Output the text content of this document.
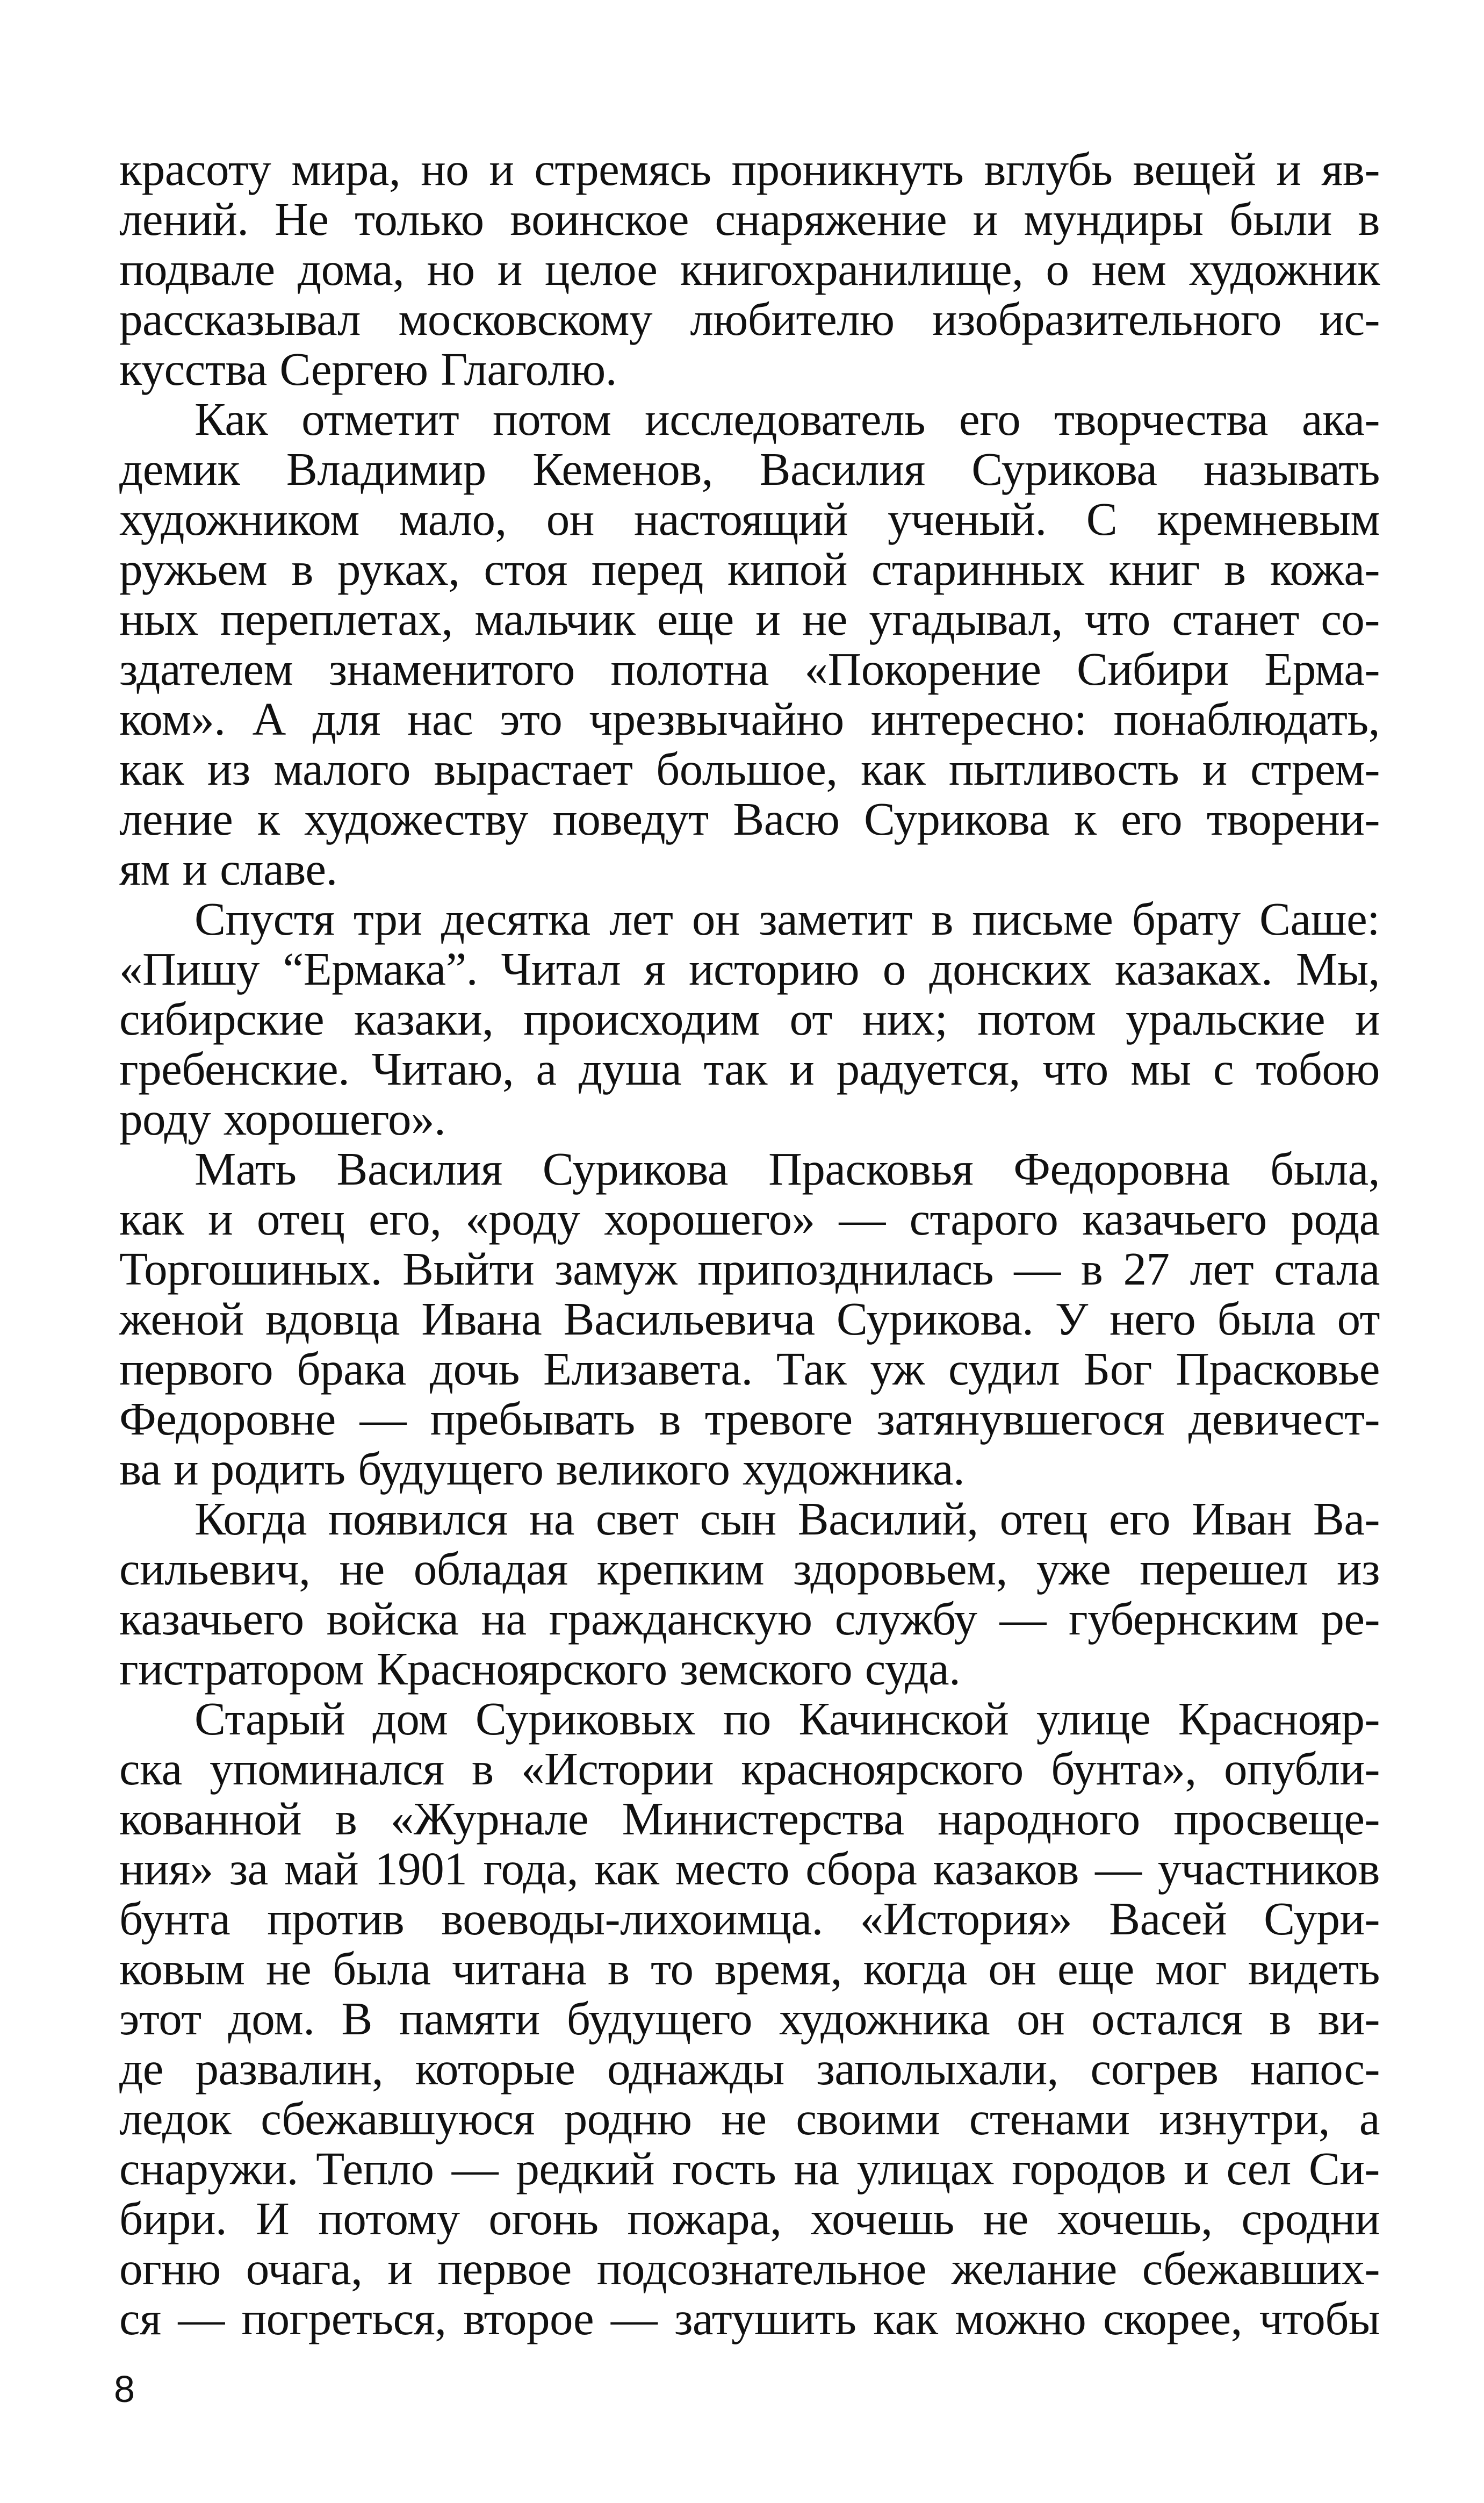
красоту мира, но и стремясь проникнуть вглубь вещей и яв-
лений. Не только воинское снаряжение и мундиры были в
подвале дома, но и целое книгохранилище, о нем художник
рассказывал московскому любителю изобразительного ис-
кусства Сергею Глаголю.
Как отметит потом исследователь его творчества ака-
демик Владимир Кеменов, Василия Сурикова называть
художником мало, он настоящий ученый. С кремневым
ружьем в руках, стоя перед кипой старинных книг в кожа-
ных переплетах, мальчик еще и не угадывал, что станет со-
здателем знаменитого полотна «Покорение Сибири Ерма-
ком». А для нас это чрезвычайно интересно: понаблюдать,
как из малого вырастает большое, как пытливость и стрем-
ление к художеству поведут Васю Сурикова к его творени-
ям и славе.
Спустя три десятка лет он заметит в письме брату Саше:
«Пишу “Ермака”. Читал я историю о донских казаках. Мы,
сибирские казаки, происходим от них; потом уральские и
гребенские. Читаю, а душа так и радуется, что мы с тобою
роду хорошего».
Мать Василия Сурикова Прасковья Федоровна была,
как и отец его, «роду хорошего» — старого казачьего рода
Торгошиных. Выйти замуж припозднилась — в 27 лет стала
женой вдовца Ивана Васильевича Сурикова. У него была от
первого брака дочь Елизавета. Так уж судил Бог Прасковье
Федоровне — пребывать в тревоге затянувшегося девичест-
ва и родить будущего великого художника.
Когда появился на свет сын Василий, отец его Иван Ва-
сильевич, не обладая крепким здоровьем, уже перешел из
казачьего войска на гражданскую службу — губернским ре-
гистратором Красноярского земского суда.
Старый дом Суриковых по Качинской улице Краснояр-
ска упоминался в «Истории красноярского бунта», опубли-
кованной в «Журнале Министерства народного просвеще-
ния» за май 1901 года, как место сбора казаков — участников
бунта против воеводы-лихоимца. «История» Васей Сури-
ковым не была читана в то время, когда он еще мог видеть
этот дом. В памяти будущего художника он остался в ви-
де развалин, которые однажды заполыхали, согрев напос-
ледок сбежавшуюся родню не своими стенами изнутри, а
снаружи. Тепло — редкий гость на улицах городов и сел Си-
бири. И потому огонь пожара, хочешь не хочешь, сродни
огню очага, и первое подсознательное желание сбежавших-
ся — погреться, второе — затушить как можно скорее, чтобы
8
